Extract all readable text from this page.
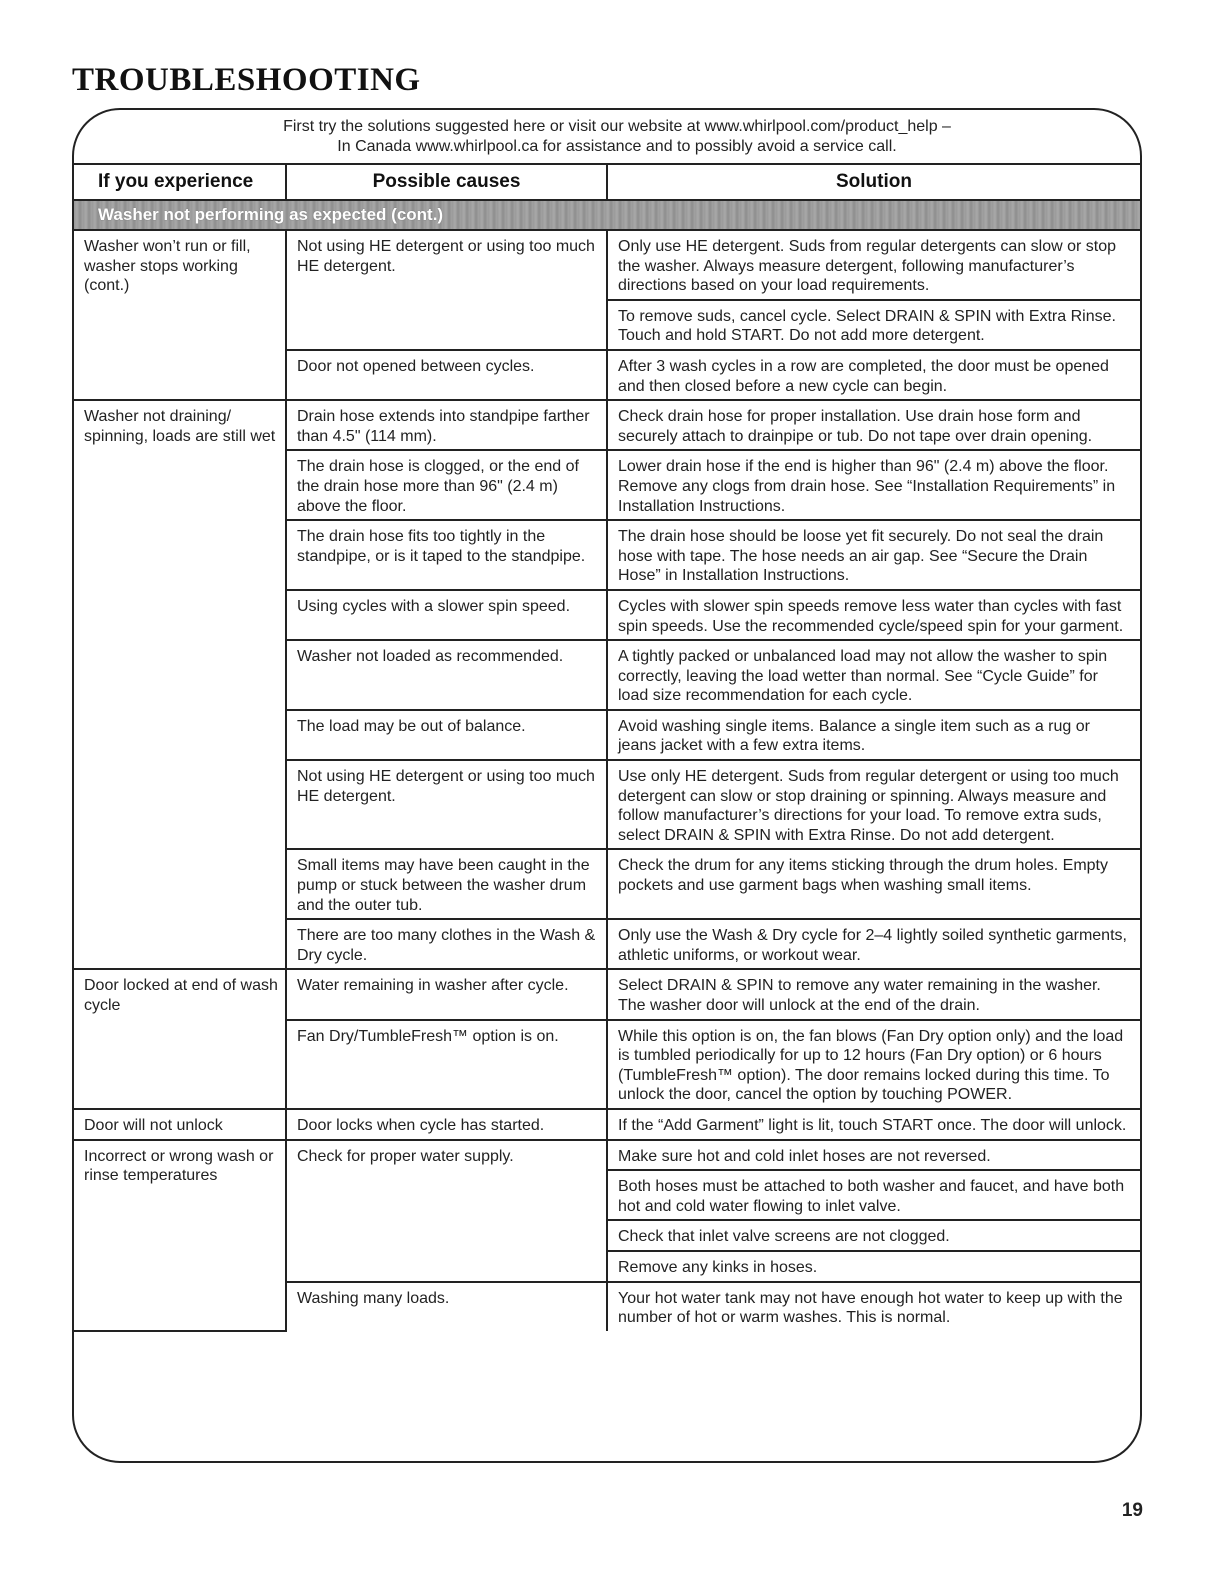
TROUBLESHOOTING
First try the solutions suggested here or visit our website at www.whirlpool.com/product_help –
In Canada www.whirlpool.ca for assistance and to possibly avoid a service call.
If you experience	Possible causes	Solution
Washer not performing as expected (cont.)		
Washer won’t run or fill, washer stops working (cont.)	Not using HE detergent or using too much HE detergent.	Only use HE detergent. Suds from regular detergents can slow or stop the washer. Always measure detergent, following manufacturer’s directions based on your load requirements.
		To remove suds, cancel cycle. Select DRAIN & SPIN with Extra Rinse. Touch and hold START. Do not add more detergent.
	Door not opened between cycles.	After 3 wash cycles in a row are completed, the door must be opened and then closed before a new cycle can begin.
Washer not draining/ spinning, loads are still wet	Drain hose extends into standpipe farther than 4.5" (114 mm).	Check drain hose for proper installation. Use drain hose form and securely attach to drainpipe or tub. Do not tape over drain opening.
	The drain hose is clogged, or the end of the drain hose more than 96" (2.4 m) above the floor.	Lower drain hose if the end is higher than 96" (2.4 m) above the floor. Remove any clogs from drain hose. See “Installation Requirements” in Installation Instructions.
	The drain hose fits too tightly in the standpipe, or is it taped to the standpipe.	The drain hose should be loose yet fit securely. Do not seal the drain hose with tape. The hose needs an air gap. See “Secure the Drain Hose” in Installation Instructions.
	Using cycles with a slower spin speed.	Cycles with slower spin speeds remove less water than cycles with fast spin speeds. Use the recommended cycle/speed spin for your garment.
	Washer not loaded as recommended.	A tightly packed or unbalanced load may not allow the washer to spin correctly, leaving the load wetter than normal. See “Cycle Guide” for load size recommendation for each cycle.
	The load may be out of balance.	Avoid washing single items. Balance a single item such as a rug or jeans jacket with a few extra items.
	Not using HE detergent or using too much HE detergent.	Use only HE detergent. Suds from regular detergent or using too much detergent can slow or stop draining or spinning. Always measure and follow manufacturer’s directions for your load. To remove extra suds, select DRAIN & SPIN with Extra Rinse. Do not add detergent.
	Small items may have been caught in the pump or stuck between the washer drum and the outer tub.	Check the drum for any items sticking through the drum holes. Empty pockets and use garment bags when washing small items.
	There are too many clothes in the Wash & Dry cycle.	Only use the Wash & Dry cycle for 2–4 lightly soiled synthetic garments, athletic uniforms, or workout wear.
Door locked at end of wash cycle	Water remaining in washer after cycle.	Select DRAIN & SPIN to remove any water remaining in the washer. The washer door will unlock at the end of the drain.
	Fan Dry/TumbleFresh™ option is on.	While this option is on, the fan blows (Fan Dry option only) and the load is tumbled periodically for up to 12 hours (Fan Dry option) or 6 hours (TumbleFresh™ option). The door remains locked during this time. To unlock the door, cancel the option by touching POWER.
Door will not unlock	Door locks when cycle has started.	If the “Add Garment” light is lit, touch START once. The door will unlock.
Incorrect or wrong wash or rinse temperatures	Check for proper water supply.	Make sure hot and cold inlet hoses are not reversed.
		Both hoses must be attached to both washer and faucet, and have both hot and cold water flowing to inlet valve.
		Check that inlet valve screens are not clogged.
		Remove any kinks in hoses.
	Washing many loads.	Your hot water tank may not have enough hot water to keep up with the number of hot or warm washes. This is normal.
19
